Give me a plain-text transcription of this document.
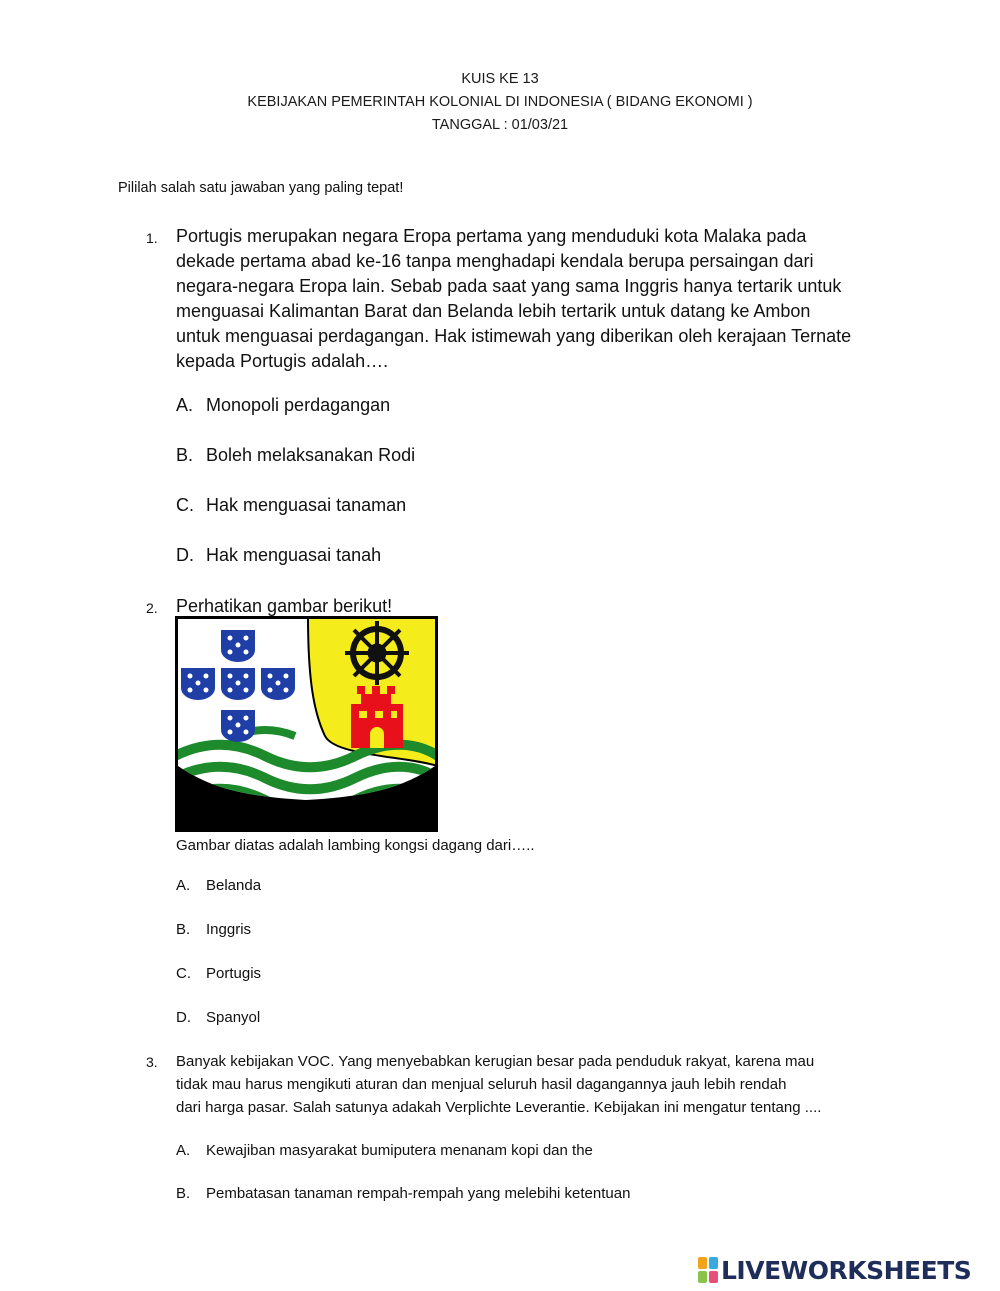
KUIS KE 13
KEBIJAKAN PEMERINTAH KOLONIAL DI INDONESIA ( BIDANG EKONOMI )
TANGGAL : 01/03/21
Pililah salah satu jawaban yang paling tepat!
1. Portugis merupakan negara Eropa pertama yang menduduki kota Malaka pada
dekade pertama abad ke-16 tanpa menghadapi kendala berupa persaingan dari
negara-negara Eropa lain. Sebab pada saat yang sama Inggris hanya tertarik untuk
menguasai Kalimantan Barat dan Belanda lebih tertarik untuk datang ke Ambon
untuk menguasai perdagangan. Hak istimewah yang diberikan oleh kerajaan Ternate
kepada Portugis adalah….
A. Monopoli perdagangan
B. Boleh melaksanakan Rodi
C. Hak menguasai tanaman
D. Hak menguasai tanah
2. Perhatikan gambar berikut!
Gambar diatas adalah lambing kongsi dagang dari…..
A. Belanda
B. Inggris
C. Portugis
D. Spanyol
3. Banyak kebijakan VOC. Yang menyebabkan kerugian besar pada penduduk rakyat, karena mau
tidak mau harus mengikuti aturan dan menjual seluruh hasil dagangannya jauh lebih rendah
dari harga pasar. Salah satunya adakah Verplichte Leverantie. Kebijakan ini mengatur tentang ....
A. Kewajiban masyarakat bumiputera menanam kopi dan the
B. Pembatasan tanaman rempah-rempah yang melebihi ketentuan
LIVEWORKSHEETS
